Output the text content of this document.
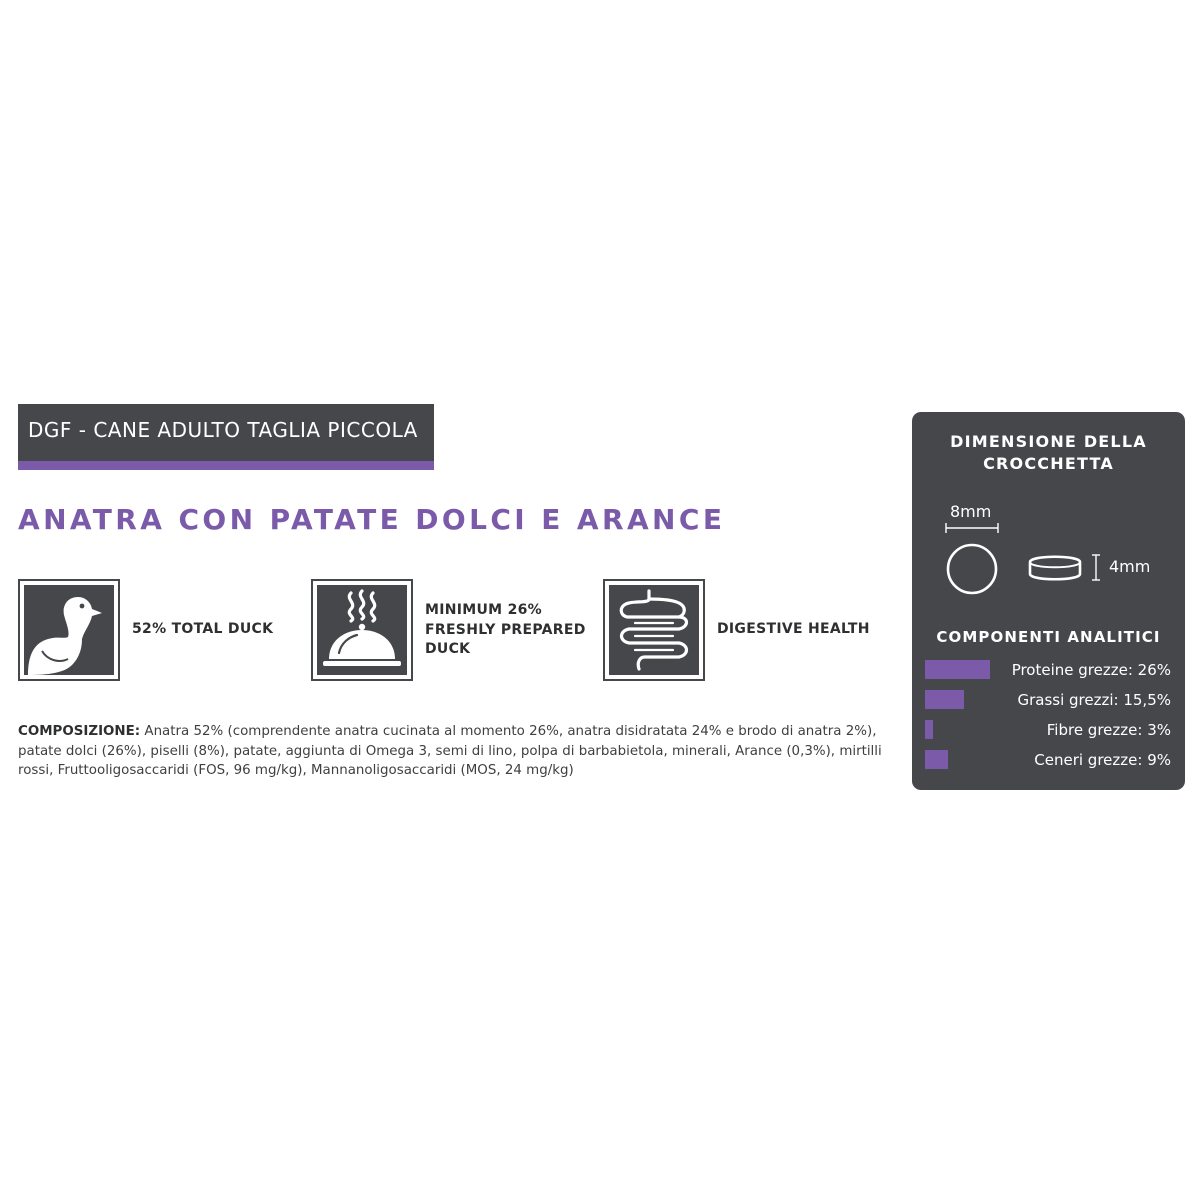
DGF - CANE ADULTO TAGLIA PICCOLA
ANATRA CON PATATE DOLCI E ARANCE
52% TOTAL DUCK
MINIMUM 26%
FRESHLY PREPARED
DUCK
DIGESTIVE HEALTH
COMPOSIZIONE: Anatra 52% (comprendente anatra cucinata al momento 26%, anatra disidratata 24% e brodo di anatra 2%), patate dolci (26%), piselli (8%), patate, aggiunta di Omega 3, semi di lino, polpa di barbabietola, minerali, Arance (0,3%), mirtilli rossi, Fruttooligosaccaridi (FOS, 96 mg/kg), Mannanoligosaccaridi (MOS, 24 mg/kg)
DIMENSIONE DELLA
CROCCHETTA
8mm
4mm
COMPONENTI ANALITICI
Proteine grezze: 26%
Grassi grezzi: 15,5%
Fibre grezze: 3%
Ceneri grezze: 9%
